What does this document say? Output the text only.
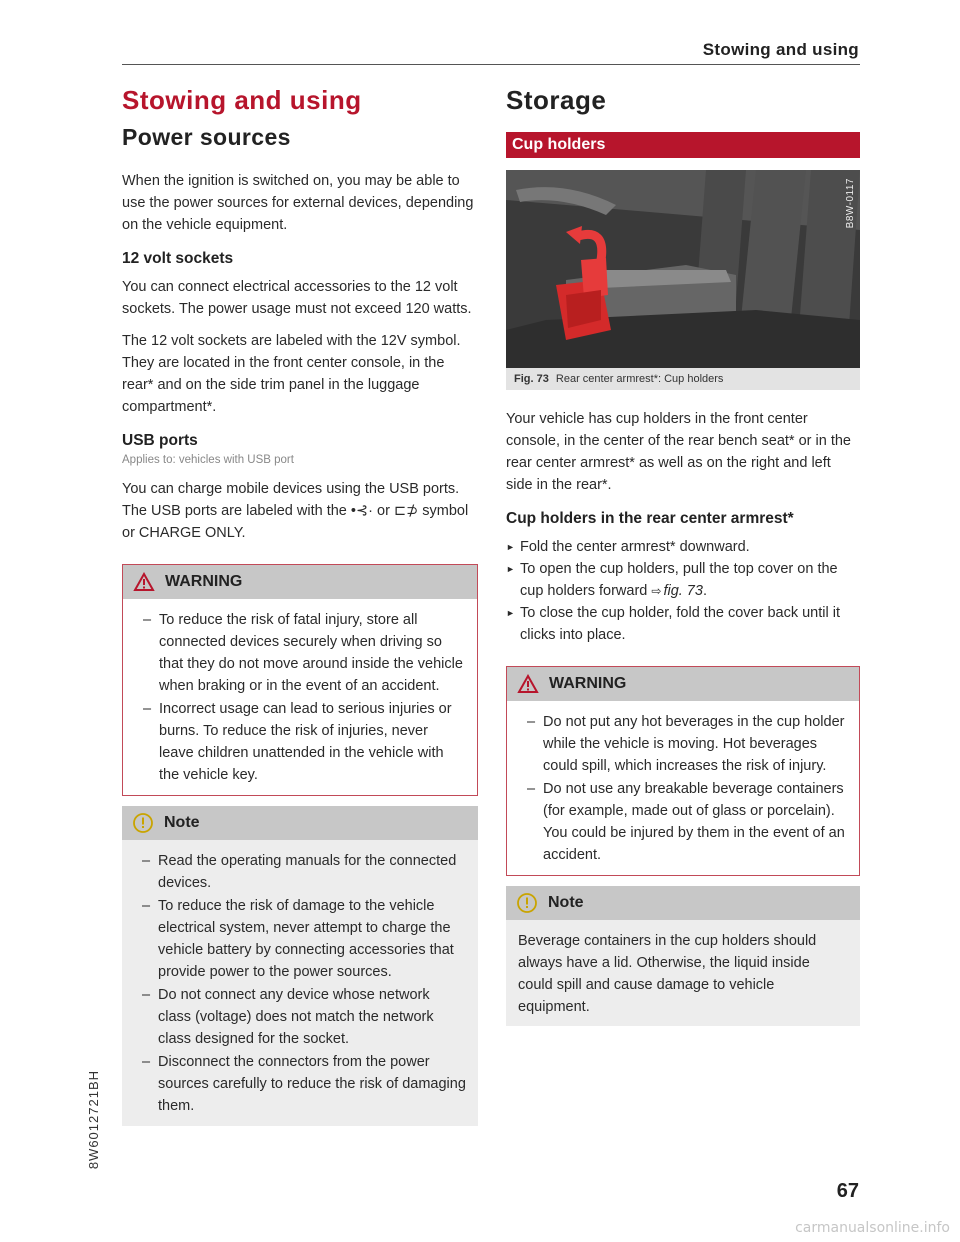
Stowing and using
Stowing and using
Power sources

When the ignition is switched on, you may be able to use the power sources for external devices, depending on the vehicle equipment.

12 volt sockets

You can connect electrical accessories to the 12 volt sockets. The power usage must not exceed 120 watts.

The 12 volt sockets are labeled with the 12V symbol. They are located in the front center console, in the rear* and on the side trim panel in the luggage compartment*.

USB ports
Applies to: vehicles with USB port

You can charge mobile devices using the USB ports. The USB ports are labeled with the •⊰· or ⊏⊅ symbol or CHARGE ONLY.

WARNING
– To reduce the risk of fatal injury, store all connected devices securely when driving so that they do not move around inside the vehicle when braking or in the event of an accident.
– Incorrect usage can lead to serious injuries or burns. To reduce the risk of injuries, never leave children unattended in the vehicle with the vehicle key.
Note
– Read the operating manuals for the connected devices.
– To reduce the risk of damage to the vehicle electrical system, never attempt to charge the vehicle battery by connecting accessories that provide power to the power sources.
– Do not connect any device whose network class (voltage) does not match the network class designed for the socket.
– Disconnect the connectors from the power sources carefully to reduce the risk of damaging them.
Storage
Cup holders
B8W-0117
Fig. 73 Rear center armrest*: Cup holders

Your vehicle has cup holders in the front center console, in the center of the rear bench seat* or in the rear center armrest* as well as on the right and left side in the rear*.

Cup holders in the rear center armrest*
► Fold the center armrest* downward.
► To open the cup holders, pull the top cover on the cup holders forward ⇨ fig. 73.
► To close the cup holder, fold the cover back until it clicks into place.
WARNING
– Do not put any hot beverages in the cup holder while the vehicle is moving. Hot beverages could spill, which increases the risk of injury.
– Do not use any breakable beverage containers (for example, made out of glass or porcelain). You could be injured by them in the event of an accident.
Note

Beverage containers in the cup holders should always have a lid. Otherwise, the liquid inside could spill and cause damage to vehicle equipment.

8W6012721BH
67
carmanualsonline.info
